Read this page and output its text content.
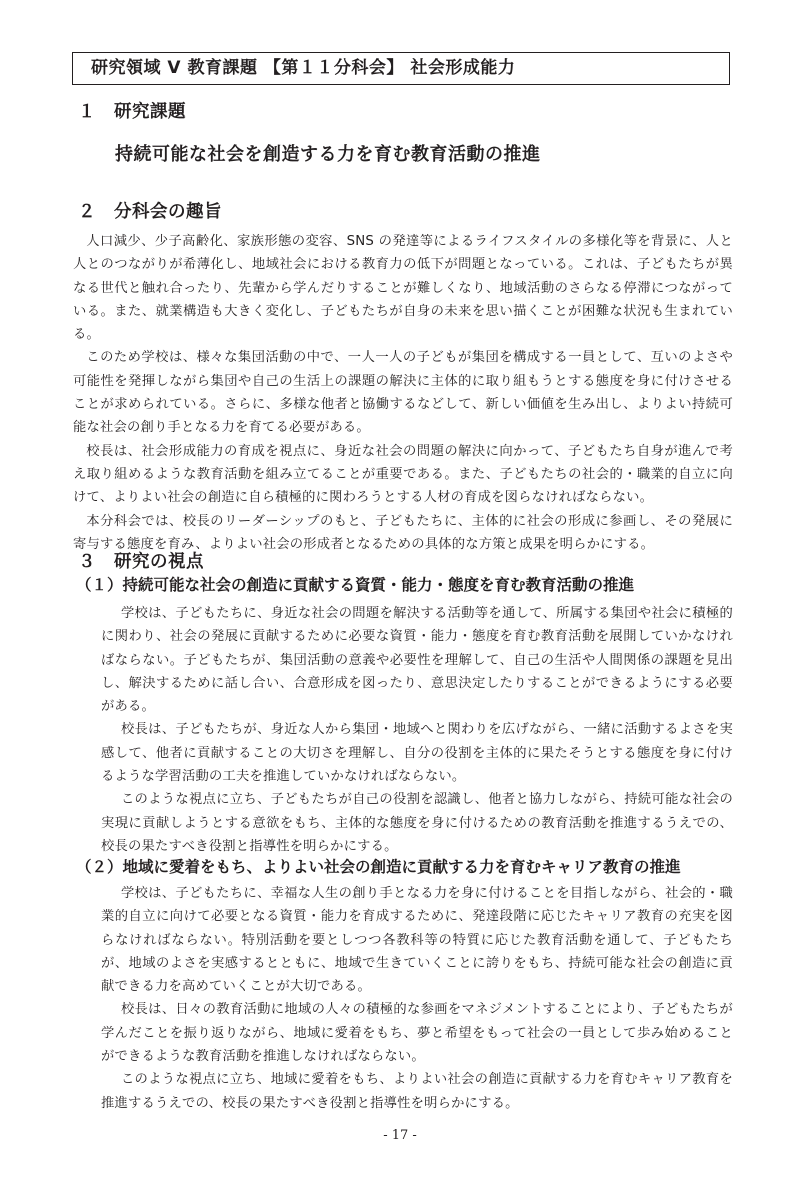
研究領域 Ⅴ 教育課題 【第１１分科会】 社会形成能力
１　研究課題
持続可能な社会を創造する力を育む教育活動の推進
２　分科会の趣旨

人口減少、少子高齢化、家族形態の変容、SNS の発達等によるライフスタイルの多様化等を背景に、人と人とのつながりが希薄化し、地域社会における教育力の低下が問題となっている。これは、子どもたちが異なる世代と触れ合ったり、先輩から学んだりすることが難しくなり、地域活動のさらなる停滞につながっている。また、就業構造も大きく変化し、子どもたちが自身の未来を思い描くことが困難な状況も生まれている。

このため学校は、様々な集団活動の中で、一人一人の子どもが集団を構成する一員として、互いのよさや可能性を発揮しながら集団や自己の生活上の課題の解決に主体的に取り組もうとする態度を身に付けさせることが求められている。さらに、多様な他者と協働するなどして、新しい価値を生み出し、よりよい持続可能な社会の創り手となる力を育てる必要がある。

校長は、社会形成能力の育成を視点に、身近な社会の問題の解決に向かって、子どもたち自身が進んで考え取り組めるような教育活動を組み立てることが重要である。また、子どもたちの社会的・職業的自立に向けて、よりよい社会の創造に自ら積極的に関わろうとする人材の育成を図らなければならない。

本分科会では、校長のリーダーシップのもと、子どもたちに、主体的に社会の形成に参画し、その発展に寄与する態度を育み、よりよい社会の形成者となるための具体的な方策と成果を明らかにする。

３　研究の視点
（１）持続可能な社会の創造に貢献する資質・能力・態度を育む教育活動の推進

学校は、子どもたちに、身近な社会の問題を解決する活動等を通して、所属する集団や社会に積極的に関わり、社会の発展に貢献するために必要な資質・能力・態度を育む教育活動を展開していかなければならない。子どもたちが、集団活動の意義や必要性を理解して、自己の生活や人間関係の課題を見出し、解決するために話し合い、合意形成を図ったり、意思決定したりすることができるようにする必要がある。

校長は、子どもたちが、身近な人から集団・地域へと関わりを広げながら、一緒に活動するよさを実感して、他者に貢献することの大切さを理解し、自分の役割を主体的に果たそうとする態度を身に付けるような学習活動の工夫を推進していかなければならない。

このような視点に立ち、子どもたちが自己の役割を認識し、他者と協力しながら、持続可能な社会の実現に貢献しようとする意欲をもち、主体的な態度を身に付けるための教育活動を推進するうえでの、校長の果たすべき役割と指導性を明らかにする。

（２）地域に愛着をもち、よりよい社会の創造に貢献する力を育むキャリア教育の推進

学校は、子どもたちに、幸福な人生の創り手となる力を身に付けることを目指しながら、社会的・職業的自立に向けて必要となる資質・能力を育成するために、発達段階に応じたキャリア教育の充実を図らなければならない。特別活動を要としつつ各教科等の特質に応じた教育活動を通して、子どもたちが、地域のよさを実感するとともに、地域で生きていくことに誇りをもち、持続可能な社会の創造に貢献できる力を高めていくことが大切である。

校長は、日々の教育活動に地域の人々の積極的な参画をマネジメントすることにより、子どもたちが学んだことを振り返りながら、地域に愛着をもち、夢と希望をもって社会の一員として歩み始めることができるような教育活動を推進しなければならない。

このような視点に立ち、地域に愛着をもち、よりよい社会の創造に貢献する力を育むキャリア教育を推進するうえでの、校長の果たすべき役割と指導性を明らかにする。

- 17 -
